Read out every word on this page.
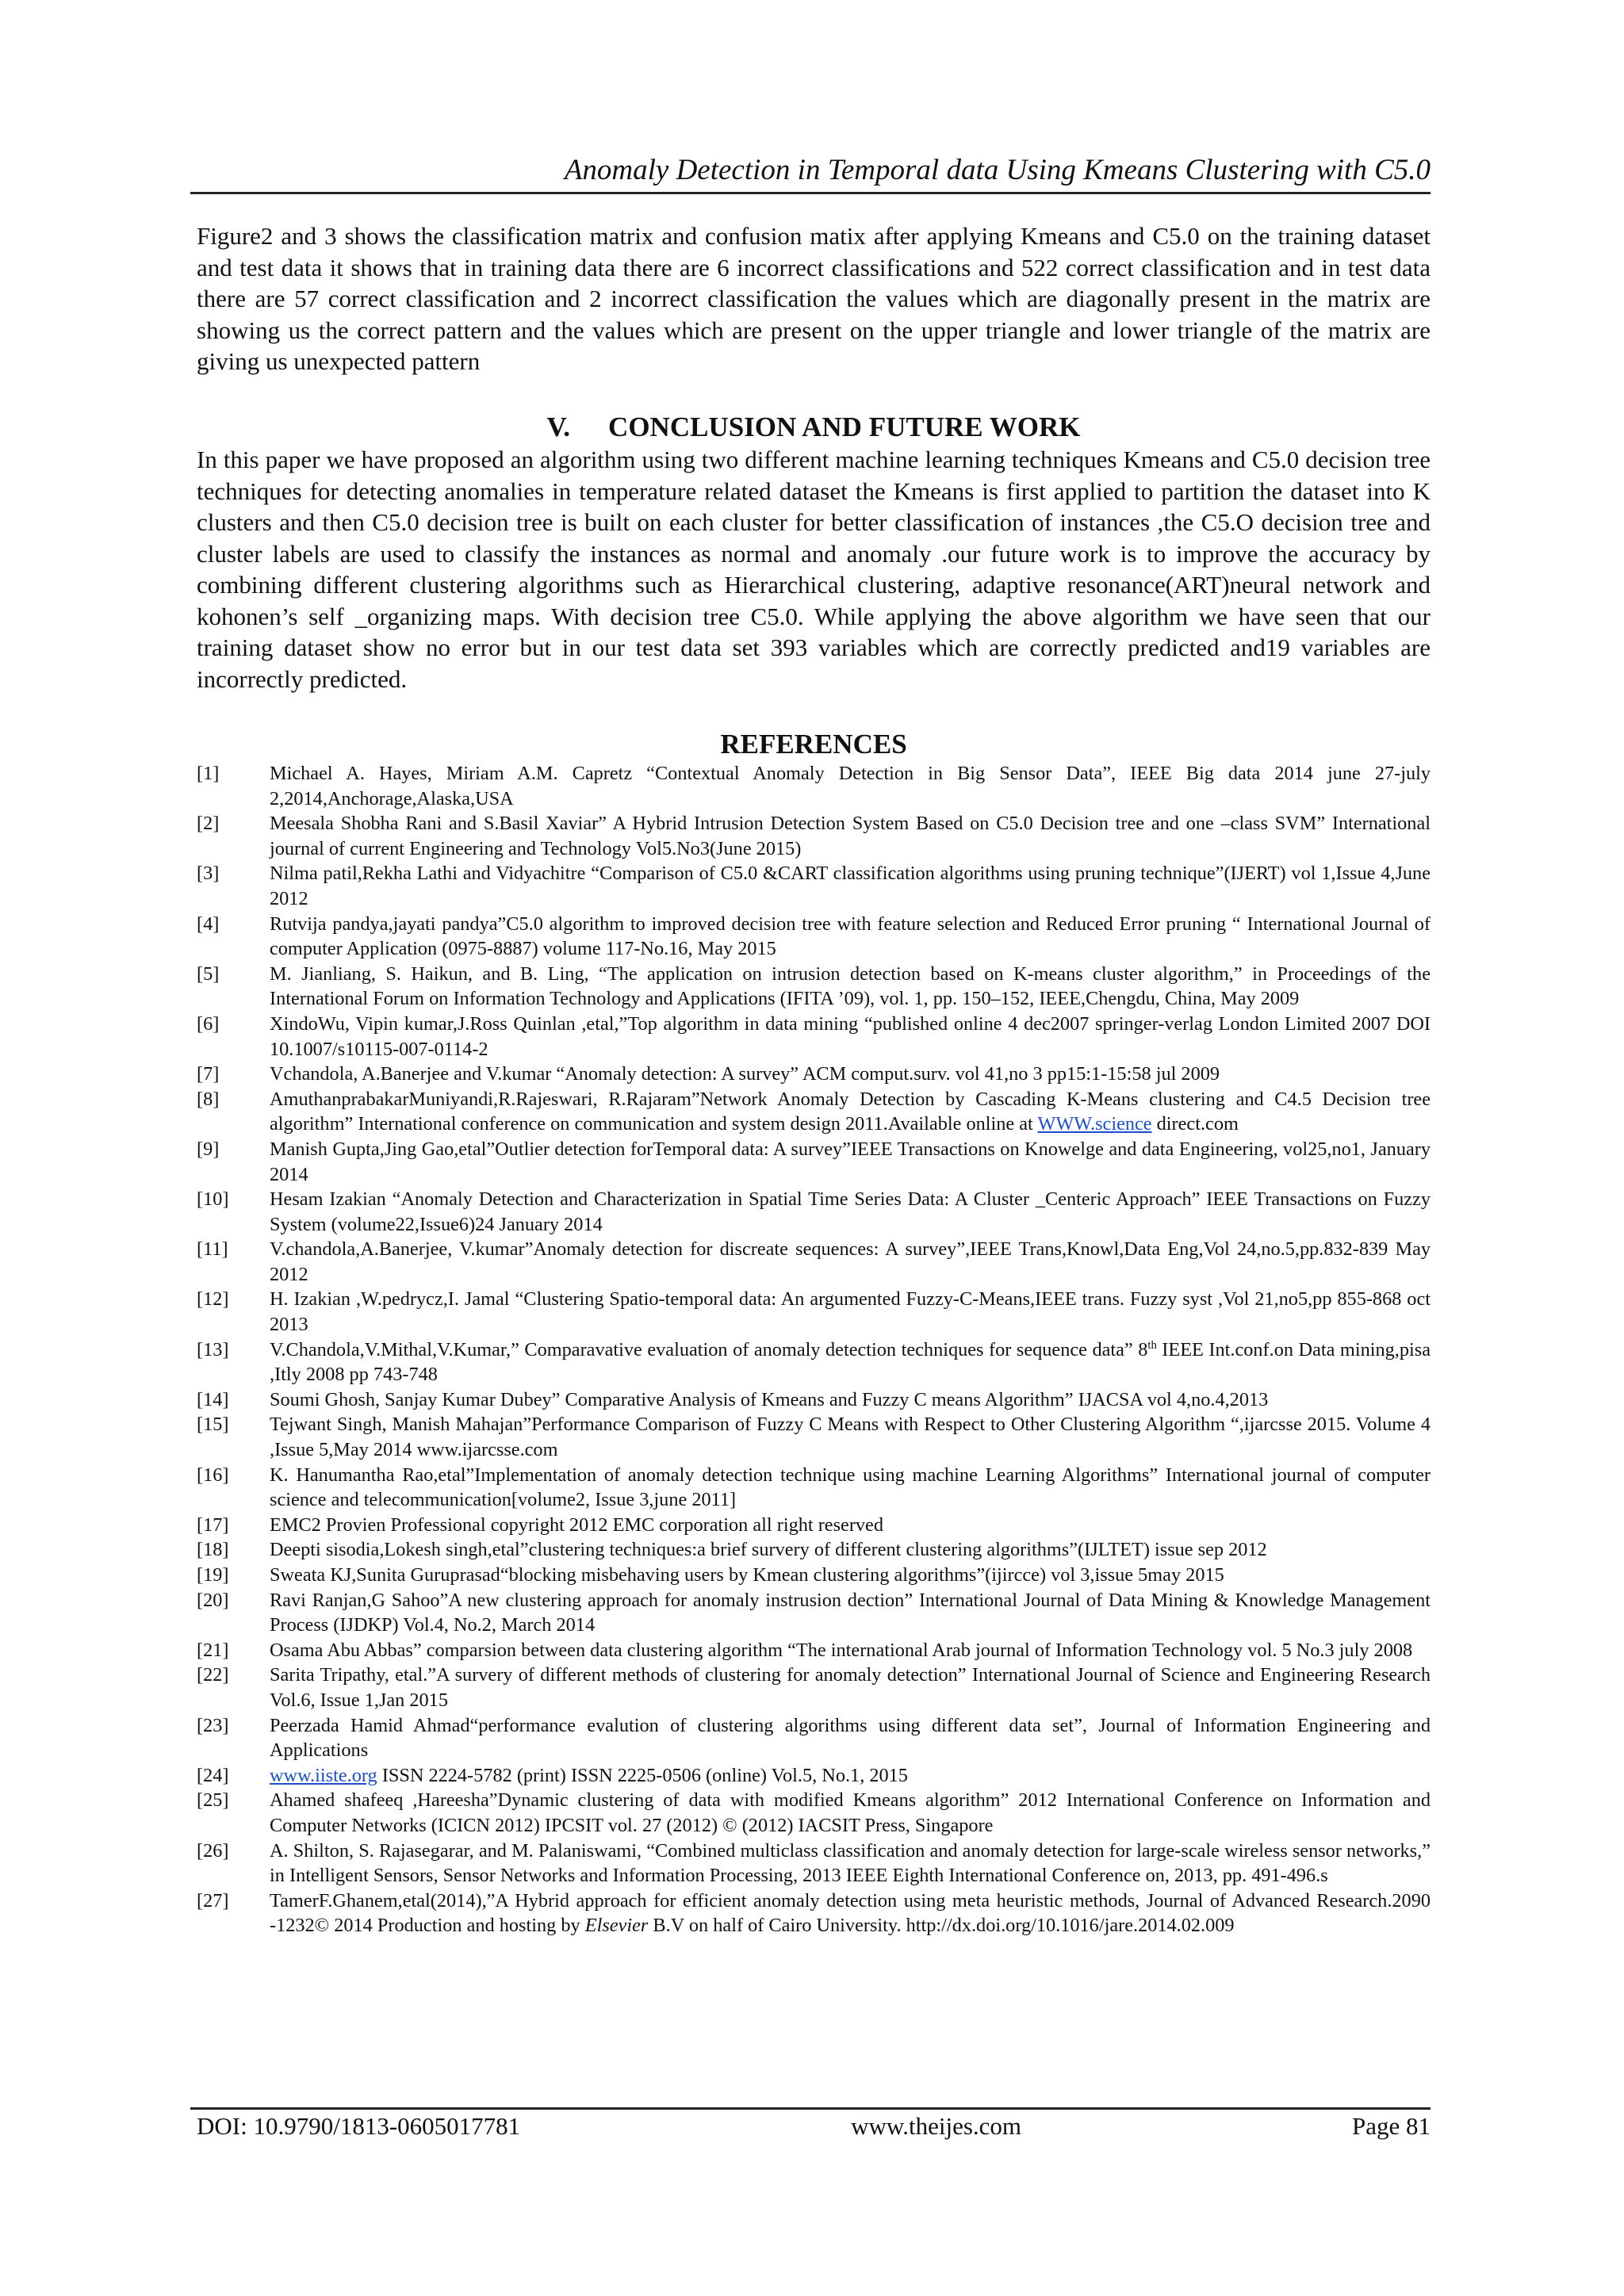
Anomaly Detection in Temporal data Using Kmeans Clustering with C5.0
Figure2 and 3 shows the classification matrix and confusion matix after applying Kmeans and C5.0 on the training dataset and test data it shows that in training data there are 6 incorrect classifications and 522 correct classification and in test data there are 57 correct classification and 2 incorrect classification the values which are diagonally present in the matrix are showing us the correct pattern and the values which are present on the upper triangle and lower triangle of the matrix are giving us unexpected pattern
V. CONCLUSION AND FUTURE WORK
In this paper we have proposed an algorithm using two different machine learning techniques Kmeans and C5.0 decision tree techniques for detecting anomalies in temperature related dataset the Kmeans is first applied to partition the dataset into K clusters and then C5.0 decision tree is built on each cluster for better classification of instances ,the C5.O decision tree and cluster labels are used to classify the instances as normal and anomaly .our future work is to improve the accuracy by combining different clustering algorithms such as Hierarchical clustering, adaptive resonance(ART)neural network and kohonen’s self _organizing maps. With decision tree C5.0. While applying the above algorithm we have seen that our training dataset show no error but in our test data set 393 variables which are correctly predicted and19 variables are incorrectly predicted.
REFERENCES
[1]	Michael A. Hayes, Miriam A.M. Capretz “Contextual Anomaly Detection in Big Sensor Data”, IEEE Big data 2014 june 27-july 2,2014,Anchorage,Alaska,USA
[2]	Meesala Shobha Rani and S.Basil Xaviar” A Hybrid Intrusion Detection System Based on C5.0 Decision tree and one –class SVM” International journal of current Engineering and Technology Vol5.No3(June 2015)
[3]	Nilma patil,Rekha Lathi and Vidyachitre “Comparison of C5.0 &CART classification algorithms using pruning technique”(IJERT) vol 1,Issue 4,June 2012
[4]	Rutvija pandya,jayati pandya”C5.0 algorithm to improved decision tree with feature selection and Reduced Error pruning “ International Journal of computer Application (0975-8887) volume 117-No.16, May 2015
[5]	M. Jianliang, S. Haikun, and B. Ling, “The application on intrusion detection based on K-means cluster algorithm,” in Proceedings of the International Forum on Information Technology and Applications (IFITA ’09), vol. 1, pp. 150–152, IEEE,Chengdu, China, May 2009
[6]	XindoWu, Vipin kumar,J.Ross Quinlan ,etal,”Top algorithm in data mining “published online 4 dec2007 springer-verlag London Limited 2007 DOI 10.1007/s10115-007-0114-2
[7]	Vchandola, A.Banerjee and V.kumar “Anomaly detection: A survey” ACM comput.surv. vol 41,no 3 pp15:1-15:58 jul 2009
[8]	AmuthanprabakarMuniyandi,R.Rajeswari, R.Rajaram”Network Anomaly Detection by Cascading K-Means clustering and C4.5 Decision tree algorithm” International conference on communication and system design 2011.Available online at WWW.science direct.com
[9]	Manish Gupta,Jing Gao,etal”Outlier detection forTemporal data: A survey”IEEE Transactions on Knowelge and data Engineering, vol25,no1, January 2014
[10]	Hesam Izakian “Anomaly Detection and Characterization in Spatial Time Series Data: A Cluster _Centeric Approach” IEEE Transactions on Fuzzy System (volume22,Issue6)24 January 2014
[11]	V.chandola,A.Banerjee, V.kumar”Anomaly detection for discreate sequences: A survey”,IEEE Trans,Knowl,Data Eng,Vol 24,no.5,pp.832-839 May 2012
[12]	H. Izakian ,W.pedrycz,I. Jamal “Clustering Spatio-temporal data: An argumented Fuzzy-C-Means,IEEE trans. Fuzzy syst ,Vol 21,no5,pp 855-868 oct 2013
[13]	V.Chandola,V.Mithal,V.Kumar,” Comparavative evaluation of anomaly detection techniques for sequence data” 8th IEEE Int.conf.on Data mining,pisa ,Itly 2008 pp 743-748
[14]	Soumi Ghosh, Sanjay Kumar Dubey” Comparative Analysis of Kmeans and Fuzzy C means Algorithm” IJACSA vol 4,no.4,2013
[15]	Tejwant Singh, Manish Mahajan”Performance Comparison of Fuzzy C Means with Respect to Other Clustering Algorithm “,ijarcsse 2015. Volume 4 ,Issue 5,May 2014 www.ijarcsse.com
[16]	K. Hanumantha Rao,etal”Implementation of anomaly detection technique using machine Learning Algorithms” International journal of computer science and telecommunication[volume2, Issue 3,june 2011]
[17]	EMC2 Provien Professional copyright 2012 EMC corporation all right reserved
[18]	Deepti sisodia,Lokesh singh,etal”clustering techniques:a brief survery of different clustering algorithms”(IJLTET) issue sep 2012
[19]	Sweata KJ,Sunita Guruprasad“blocking misbehaving users by Kmean clustering algorithms”(ijircce) vol 3,issue 5may 2015
[20]	Ravi Ranjan,G Sahoo”A new clustering approach for anomaly instrusion dection” International Journal of Data Mining & Knowledge Management Process (IJDKP) Vol.4, No.2, March 2014
[21]	Osama Abu Abbas” comparsion between data clustering algorithm “The international Arab journal of Information Technology vol. 5 No.3 july 2008
[22]	Sarita Tripathy, etal.”A survery of different methods of clustering for anomaly detection” International Journal of Science and Engineering Research Vol.6, Issue 1,Jan 2015
[23]	Peerzada Hamid Ahmad“performance evalution of clustering algorithms using different data set”, Journal of Information Engineering and Applications
[24]	www.iiste.org ISSN 2224-5782 (print) ISSN 2225-0506 (online) Vol.5, No.1, 2015
[25]	Ahamed shafeeq ,Hareesha”Dynamic clustering of data with modified Kmeans algorithm” 2012 International Conference on Information and Computer Networks (ICICN 2012) IPCSIT vol. 27 (2012) © (2012) IACSIT Press, Singapore
[26]	A. Shilton, S. Rajasegarar, and M. Palaniswami, “Combined multiclass classification and anomaly detection for large-scale wireless sensor networks,” in Intelligent Sensors, Sensor Networks and Information Processing, 2013 IEEE Eighth International Conference on, 2013, pp. 491-496.s
[27]	TamerF.Ghanem,etal(2014),”A Hybrid approach for efficient anomaly detection using meta heuristic methods, Journal of Advanced Research.2090 -1232© 2014 Production and hosting by Elsevier B.V on half of Cairo University. http://dx.doi.org/10.1016/jare.2014.02.009
DOI: 10.9790/1813-0605017781	www.theijes.com	Page 81
